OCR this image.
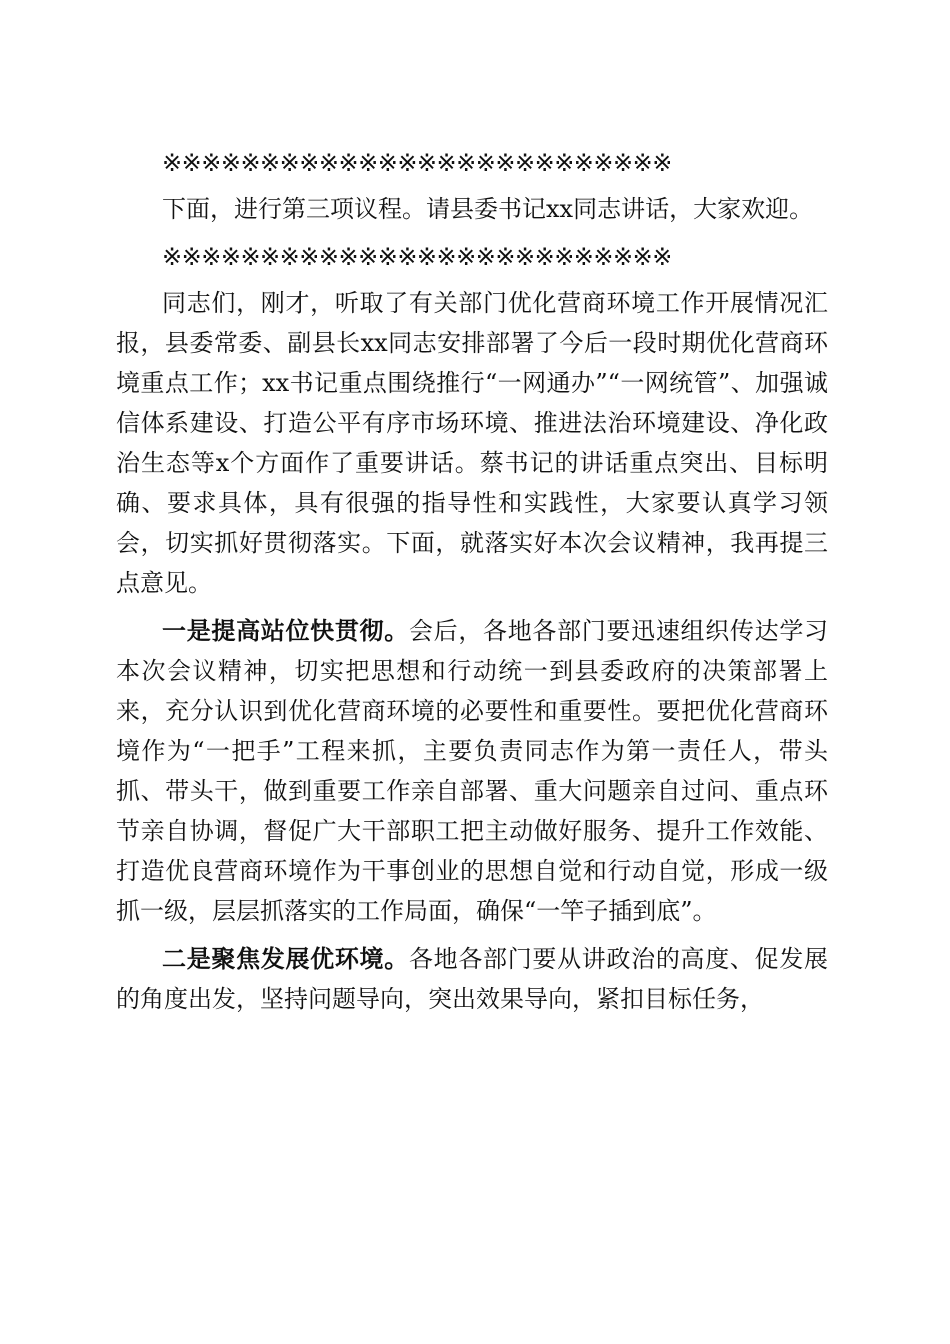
※※※※※※※※※※※※※※※※※※※※※※※※※※

下面，进行第三项议程。请县委书记xx同志讲话，大家欢迎。

※※※※※※※※※※※※※※※※※※※※※※※※※※

同志们，刚才，听取了有关部门优化营商环境工作开展情况汇报，县委常委、副县长xx同志安排部署了今后一段时期优化营商环境重点工作；xx书记重点围绕推行“一网通办”“一网统管”、加强诚信体系建设、打造公平有序市场环境、推进法治环境建设、净化政治生态等x个方面作了重要讲话。蔡书记的讲话重点突出、目标明确、要求具体，具有很强的指导性和实践性，大家要认真学习领会，切实抓好贯彻落实。下面，就落实好本次会议精神，我再提三点意见。

一是提高站位快贯彻。会后，各地各部门要迅速组织传达学习本次会议精神，切实把思想和行动统一到县委政府的决策部署上来，充分认识到优化营商环境的必要性和重要性。要把优化营商环境作为“一把手”工程来抓，主要负责同志作为第一责任人，带头抓、带头干，做到重要工作亲自部署、重大问题亲自过问、重点环节亲自协调，督促广大干部职工把主动做好服务、提升工作效能、打造优良营商环境作为干事创业的思想自觉和行动自觉，形成一级抓一级，层层抓落实的工作局面，确保“一竿子插到底”。

二是聚焦发展优环境。各地各部门要从讲政治的高度、促发展的角度出发，坚持问题导向，突出效果导向，紧扣目标任务，
